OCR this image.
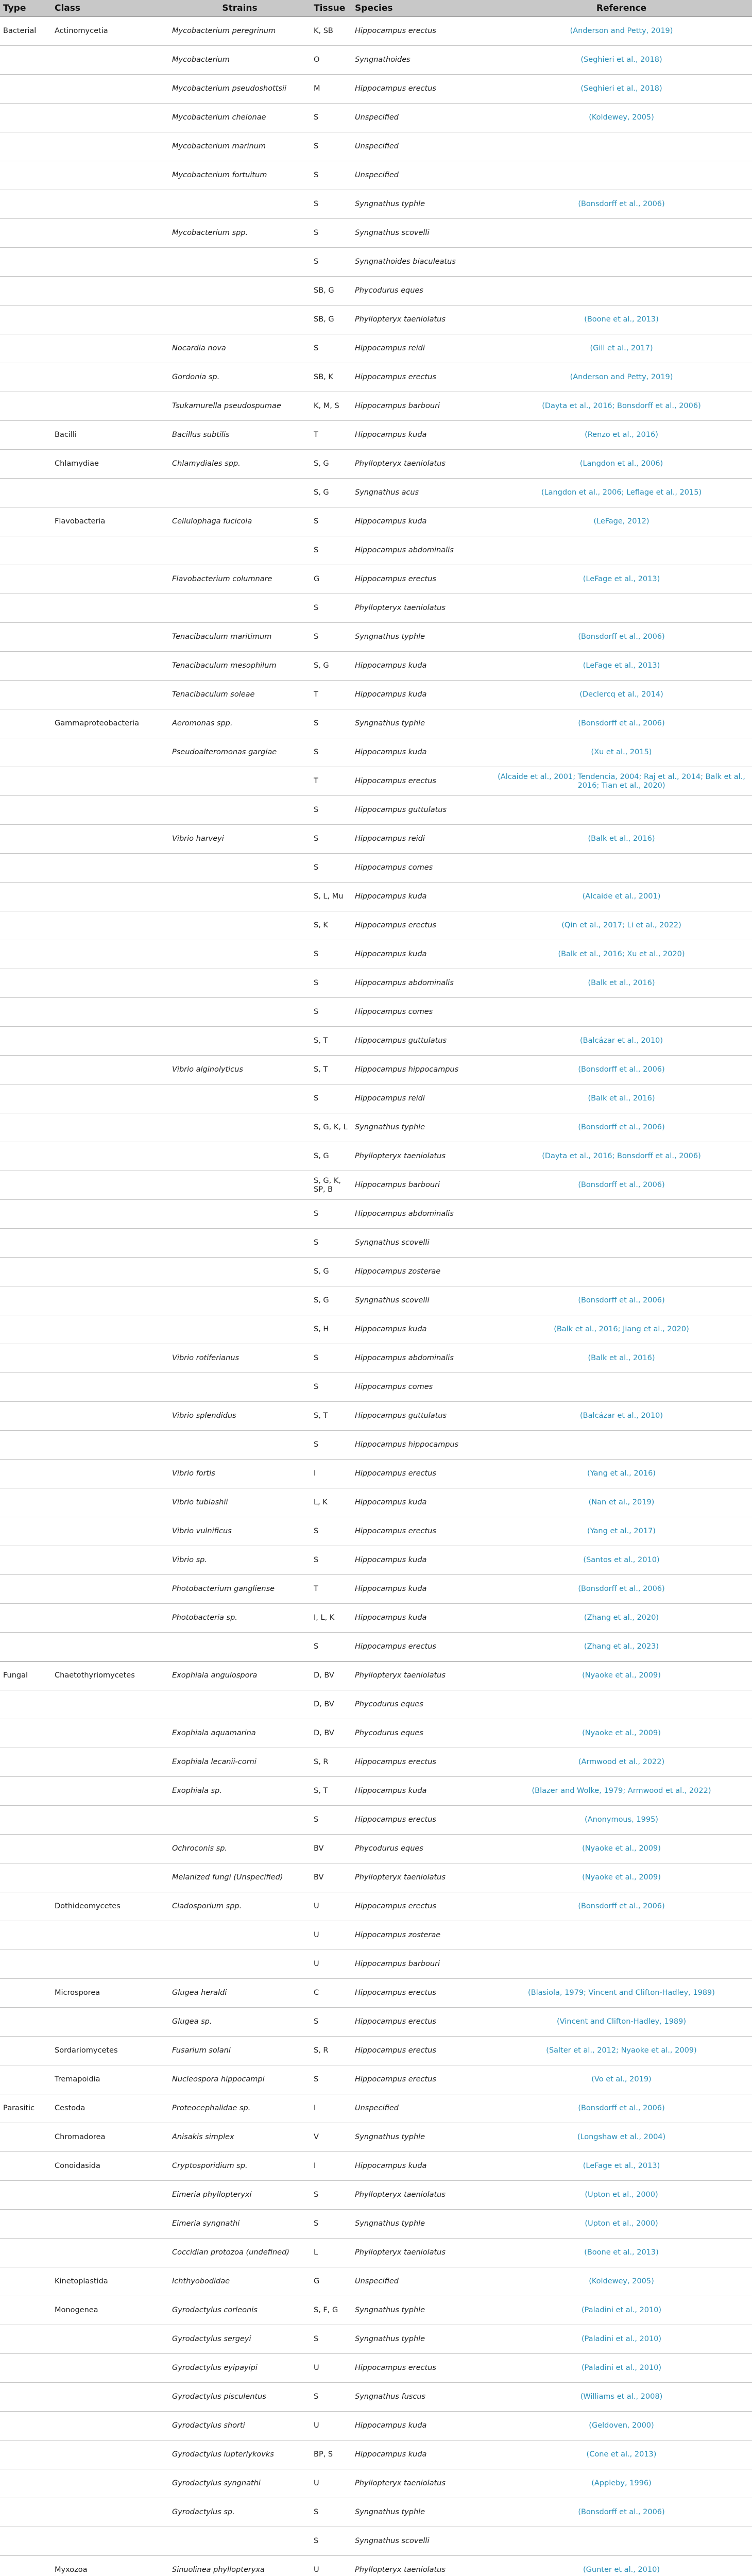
Type	Class	Strains	Tissue	Species	Reference
Bacterial	Actinomycetia	Mycobacterium peregrinum	K, SB	Hippocampus erectus	(Anderson and Petty, 2019)
		Mycobacterium	O	Syngnathoides	(Seghieri et al., 2018)
		Mycobacterium pseudoshottsii	M	Hippocampus erectus	(Seghieri et al., 2018)
		Mycobacterium chelonae	S	Unspecified	(Koldewey, 2005)
		Mycobacterium marinum	S	Unspecified	
		Mycobacterium fortuitum	S	Unspecified	
			S	Syngnathus typhle	(Bonsdorff et al., 2006)
		Mycobacterium spp.	S	Syngnathus scovelli	
			S	Syngnathoides biaculeatus	
			SB, G	Phycodurus eques	
			SB, G	Phyllopteryx taeniolatus	(Boone et al., 2013)
		Nocardia nova	S	Hippocampus reidi	(Gill et al., 2017)
		Gordonia sp.	SB, K	Hippocampus erectus	(Anderson and Petty, 2019)
		Tsukamurella pseudospumae	K, M, S	Hippocampus barbouri	(Dayta et al., 2016; Bonsdorff et al., 2006)
	Bacilli	Bacillus subtilis	T	Hippocampus kuda	(Renzo et al., 2016)
	Chlamydiae	Chlamydiales spp.	S, G	Phyllopteryx taeniolatus	(Langdon et al., 2006)
			S, G	Syngnathus acus	(Langdon et al., 2006; Leflage et al., 2015)
	Flavobacteria	Cellulophaga fucicola	S	Hippocampus kuda	(LeFage, 2012)
			S	Hippocampus abdominalis	
		Flavobacterium columnare	G	Hippocampus erectus	(LeFage et al., 2013)
			S	Phyllopteryx taeniolatus	
		Tenacibaculum maritimum	S	Syngnathus typhle	(Bonsdorff et al., 2006)
		Tenacibaculum mesophilum	S, G	Hippocampus kuda	(LeFage et al., 2013)
		Tenacibaculum soleae	T	Hippocampus kuda	(Declercq et al., 2014)
	Gammaproteobacteria	Aeromonas spp.	S	Syngnathus typhle	(Bonsdorff et al., 2006)
		Pseudoalteromonas gargiae	S	Hippocampus kuda	(Xu et al., 2015)
			T	Hippocampus erectus	(Alcaide et al., 2001; Tendencia, 2004; Raj et al., 2014; Balk et al., 2016; Tian et al., 2020)
			S	Hippocampus guttulatus	
		Vibrio harveyi	S	Hippocampus reidi	(Balk et al., 2016)
			S	Hippocampus comes	
			S, L, Mu	Hippocampus kuda	(Alcaide et al., 2001)
			S, K	Hippocampus erectus	(Qin et al., 2017; Li et al., 2022)
			S	Hippocampus kuda	(Balk et al., 2016; Xu et al., 2020)
			S	Hippocampus abdominalis	(Balk et al., 2016)
			S	Hippocampus comes	
			S, T	Hippocampus guttulatus	(Balcázar et al., 2010)
		Vibrio alginolyticus	S, T	Hippocampus hippocampus	(Bonsdorff et al., 2006)
			S	Hippocampus reidi	(Balk et al., 2016)
			S, G, K, L	Syngnathus typhle	(Bonsdorff et al., 2006)
			S, G	Phyllopteryx taeniolatus	(Dayta et al., 2016; Bonsdorff et al., 2006)
			S, G, K, SP, B	Hippocampus barbouri	(Bonsdorff et al., 2006)
			S	Hippocampus abdominalis	
			S	Syngnathus scovelli	
			S, G	Hippocampus zosterae	
			S, G	Syngnathus scovelli	(Bonsdorff et al., 2006)
			S, H	Hippocampus kuda	(Balk et al., 2016; Jiang et al., 2020)
		Vibrio rotiferianus	S	Hippocampus abdominalis	(Balk et al., 2016)
			S	Hippocampus comes	
		Vibrio splendidus	S, T	Hippocampus guttulatus	(Balcázar et al., 2010)
			S	Hippocampus hippocampus	
		Vibrio fortis	I	Hippocampus erectus	(Yang et al., 2016)
		Vibrio tubiashii	L, K	Hippocampus kuda	(Nan et al., 2019)
		Vibrio vulnificus	S	Hippocampus erectus	(Yang et al., 2017)
		Vibrio sp.	S	Hippocampus kuda	(Santos et al., 2010)
		Photobacterium gangliense	T	Hippocampus kuda	(Bonsdorff et al., 2006)
		Photobacteria sp.	I, L, K	Hippocampus kuda	(Zhang et al., 2020)
			S	Hippocampus erectus	(Zhang et al., 2023)
Fungal	Chaetothyriomycetes	Exophiala angulospora	D, BV	Phyllopteryx taeniolatus	(Nyaoke et al., 2009)
			D, BV	Phycodurus eques	
		Exophiala aquamarina	D, BV	Phycodurus eques	(Nyaoke et al., 2009)
		Exophiala lecanii-corni	S, R	Hippocampus erectus	(Armwood et al., 2022)
		Exophiala sp.	S, T	Hippocampus kuda	(Blazer and Wolke, 1979; Armwood et al., 2022)
			S	Hippocampus erectus	(Anonymous, 1995)
		Ochroconis sp.	BV	Phycodurus eques	(Nyaoke et al., 2009)
		Melanized fungi (Unspecified)	BV	Phyllopteryx taeniolatus	(Nyaoke et al., 2009)
	Dothideomycetes	Cladosporium spp.	U	Hippocampus erectus	(Bonsdorff et al., 2006)
			U	Hippocampus zosterae	
			U	Hippocampus barbouri	
	Microsporea	Glugea heraldi	C	Hippocampus erectus	(Blasiola, 1979; Vincent and Clifton-Hadley, 1989)
		Glugea sp.	S	Hippocampus erectus	(Vincent and Clifton-Hadley, 1989)
	Sordariomycetes	Fusarium solani	S, R	Hippocampus erectus	(Salter et al., 2012; Nyaoke et al., 2009)
	Tremapoidia	Nucleospora hippocampi	S	Hippocampus erectus	(Vo et al., 2019)
Parasitic	Cestoda	Proteocephalidae sp.	I	Unspecified	(Bonsdorff et al., 2006)
	Chromadorea	Anisakis simplex	V	Syngnathus typhle	(Longshaw et al., 2004)
	Conoidasida	Cryptosporidium sp.	I	Hippocampus kuda	(LeFage et al., 2013)
		Eimeria phyllopteryxi	S	Phyllopteryx taeniolatus	(Upton et al., 2000)
		Eimeria syngnathi	S	Syngnathus typhle	(Upton et al., 2000)
		Coccidian protozoa (undefined)	L	Phyllopteryx taeniolatus	(Boone et al., 2013)
	Kinetoplastida	Ichthyobodidae	G	Unspecified	(Koldewey, 2005)
	Monogenea	Gyrodactylus corleonis	S, F, G	Syngnathus typhle	(Paladini et al., 2010)
		Gyrodactylus sergeyi	S	Syngnathus typhle	(Paladini et al., 2010)
		Gyrodactylus eyipayipi	U	Hippocampus erectus	(Paladini et al., 2010)
		Gyrodactylus pisculentus	S	Syngnathus fuscus	(Williams et al., 2008)
		Gyrodactylus shorti	U	Hippocampus kuda	(Geldoven, 2000)
		Gyrodactylus lupterlykovks	BP, S	Hippocampus kuda	(Cone et al., 2013)
		Gyrodactylus syngnathi	U	Phyllopteryx taeniolatus	(Appleby, 1996)
		Gyrodactylus sp.	S	Syngnathus typhle	(Bonsdorff et al., 2006)
			S	Syngnathus scovelli	
	Myxozoa	Sinuolinea phyllopteryxa	U	Phyllopteryx taeniolatus	(Gunter et al., 2010)
